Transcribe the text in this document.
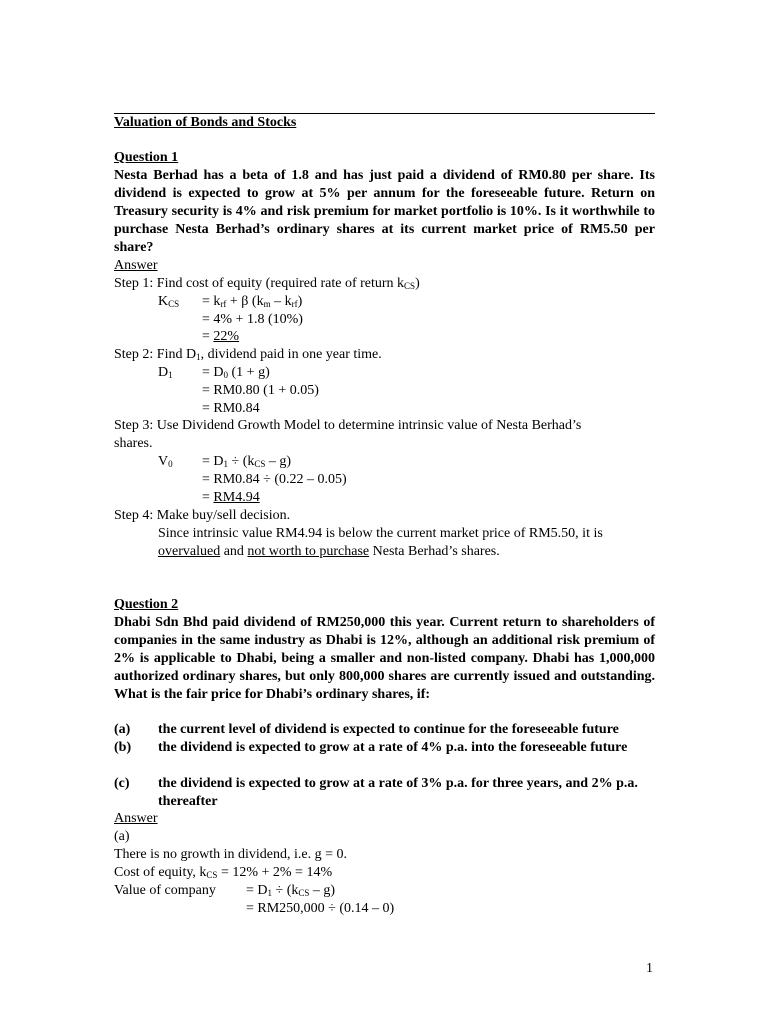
Valuation of Bonds and Stocks
Question 1
Nesta Berhad has a beta of 1.8 and has just paid a dividend of RM0.80 per share. Its dividend is expected to grow at 5% per annum for the foreseeable future. Return on Treasury security is 4% and risk premium for market portfolio is 10%. Is it worthwhile to purchase Nesta Berhad’s ordinary shares at its current market price of RM5.50 per share?
Answer
Step 1: Find cost of equity (required rate of return $k_{CS}$)
$K_{CS} = k_{rf} + \beta$ $(k_m - k_{rf})$
= 4% + 1.8 (10%)
= 22%
Step 2: Find $D_1$, dividend paid in one year time.
$D_1 = D_0$ (1 + g)
= RM0.80 (1 + 0.05)
= RM0.84
Step 3: Use Dividend Growth Model to determine intrinsic value of Nesta Berhad’s
shares.
$V_0 = D_1 \div (k_{CS} - g)$
= RM0.84 ÷ (0.22 – 0.05)
= RM4.94
Step 4: Make buy/sell decision.
Since intrinsic value RM4.94 is below the current market price of RM5.50, it is
overvalued and not worth to purchase Nesta Berhad’s shares.
Question 2
Dhabi Sdn Bhd paid dividend of RM250,000 this year. Current return to shareholders of companies in the same industry as Dhabi is 12%, although an additional risk premium of 2% is applicable to Dhabi, being a smaller and non-listed company. Dhabi has 1,000,000 authorized ordinary shares, but only 800,000 shares are currently issued and outstanding. What is the fair price for Dhabi’s ordinary shares, if:
(a) the current level of dividend is expected to continue for the foreseeable future
(b) the dividend is expected to grow at a rate of 4% p.a. into the foreseeable future
(c) the dividend is expected to grow at a rate of 3% p.a. for three years, and 2% p.a. thereafter
Answer
(a)
There is no growth in dividend, i.e. g = 0.
Cost of equity, $k_{CS} = 12\% + 2\% = 14\%$
Value of company = $D_1 \div (k_{CS} - g)$
= RM250,000 ÷ (0.14 – 0)
1
